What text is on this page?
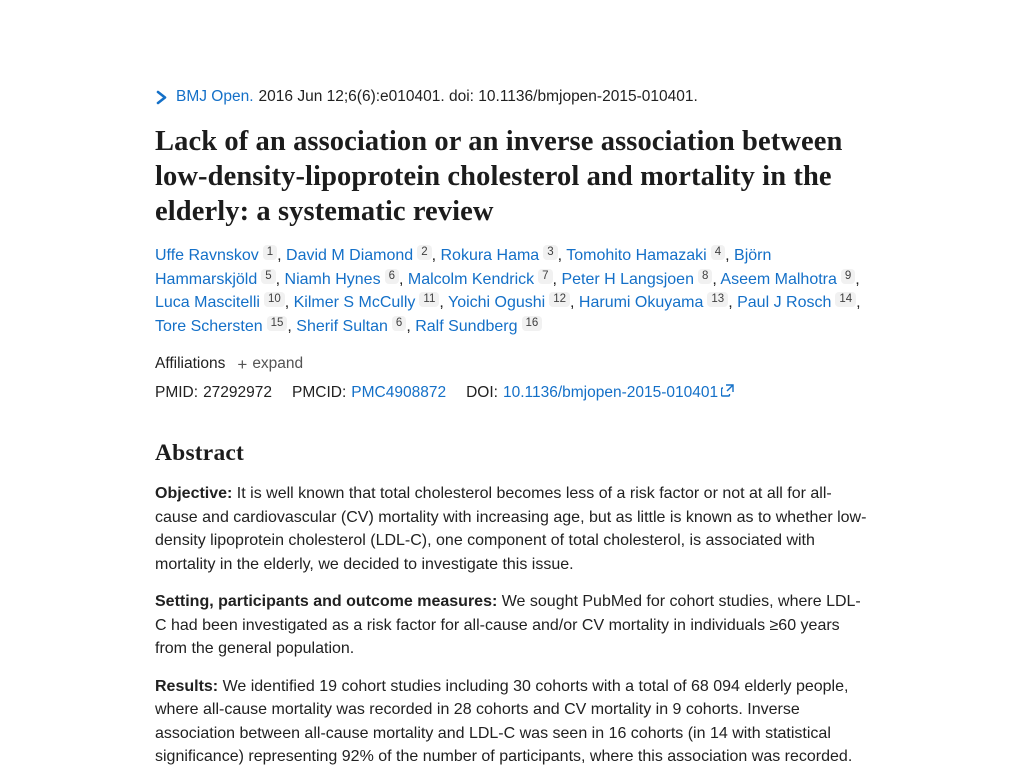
BMJ Open. 2016 Jun 12;6(6):e010401. doi: 10.1136/bmjopen-2015-010401.
Lack of an association or an inverse association between low-density-lipoprotein cholesterol and mortality in the elderly: a systematic review
Uffe Ravnskov $^1$ , David M Diamond $^2$ , Rokura Hama $^3$ , Tomohito Hamazaki $^4$ , Björn Hammarskjöld $^5$ , Niamh Hynes $^6$ , Malcolm Kendrick $^7$ , Peter H Langsjoen $^8$ , Aseem Malhotra $^9$ , Luca Mascitelli $^{10}$ , Kilmer S McCully $^{11}$ , Yoichi Ogushi $^{12}$ , Harumi Okuyama $^{13}$ , Paul J Rosch $^{14}$ , Tore Schersten $^{15}$ , Sherif Sultan $^6$ , Ralf Sundberg $^{16}$
Affiliations + expand
PMID: 27292972 PMCID: PMC4908872 DOI: 10.1136/bmjopen-2015-010401
Abstract

Objective: It is well known that total cholesterol becomes less of a risk factor or not at all for all-cause and cardiovascular (CV) mortality with increasing age, but as little is known as to whether low-density lipoprotein cholesterol (LDL-C), one component of total cholesterol, is associated with mortality in the elderly, we decided to investigate this issue.

Setting, participants and outcome measures: We sought PubMed for cohort studies, where LDL-C had been investigated as a risk factor for all-cause and/or CV mortality in individuals ≥60 years from the general population.

Results: We identified 19 cohort studies including 30 cohorts with a total of 68 094 elderly people, where all-cause mortality was recorded in 28 cohorts and CV mortality in 9 cohorts. Inverse association between all-cause mortality and LDL-C was seen in 16 cohorts (in 14 with statistical significance) representing 92% of the number of participants, where this association was recorded.
